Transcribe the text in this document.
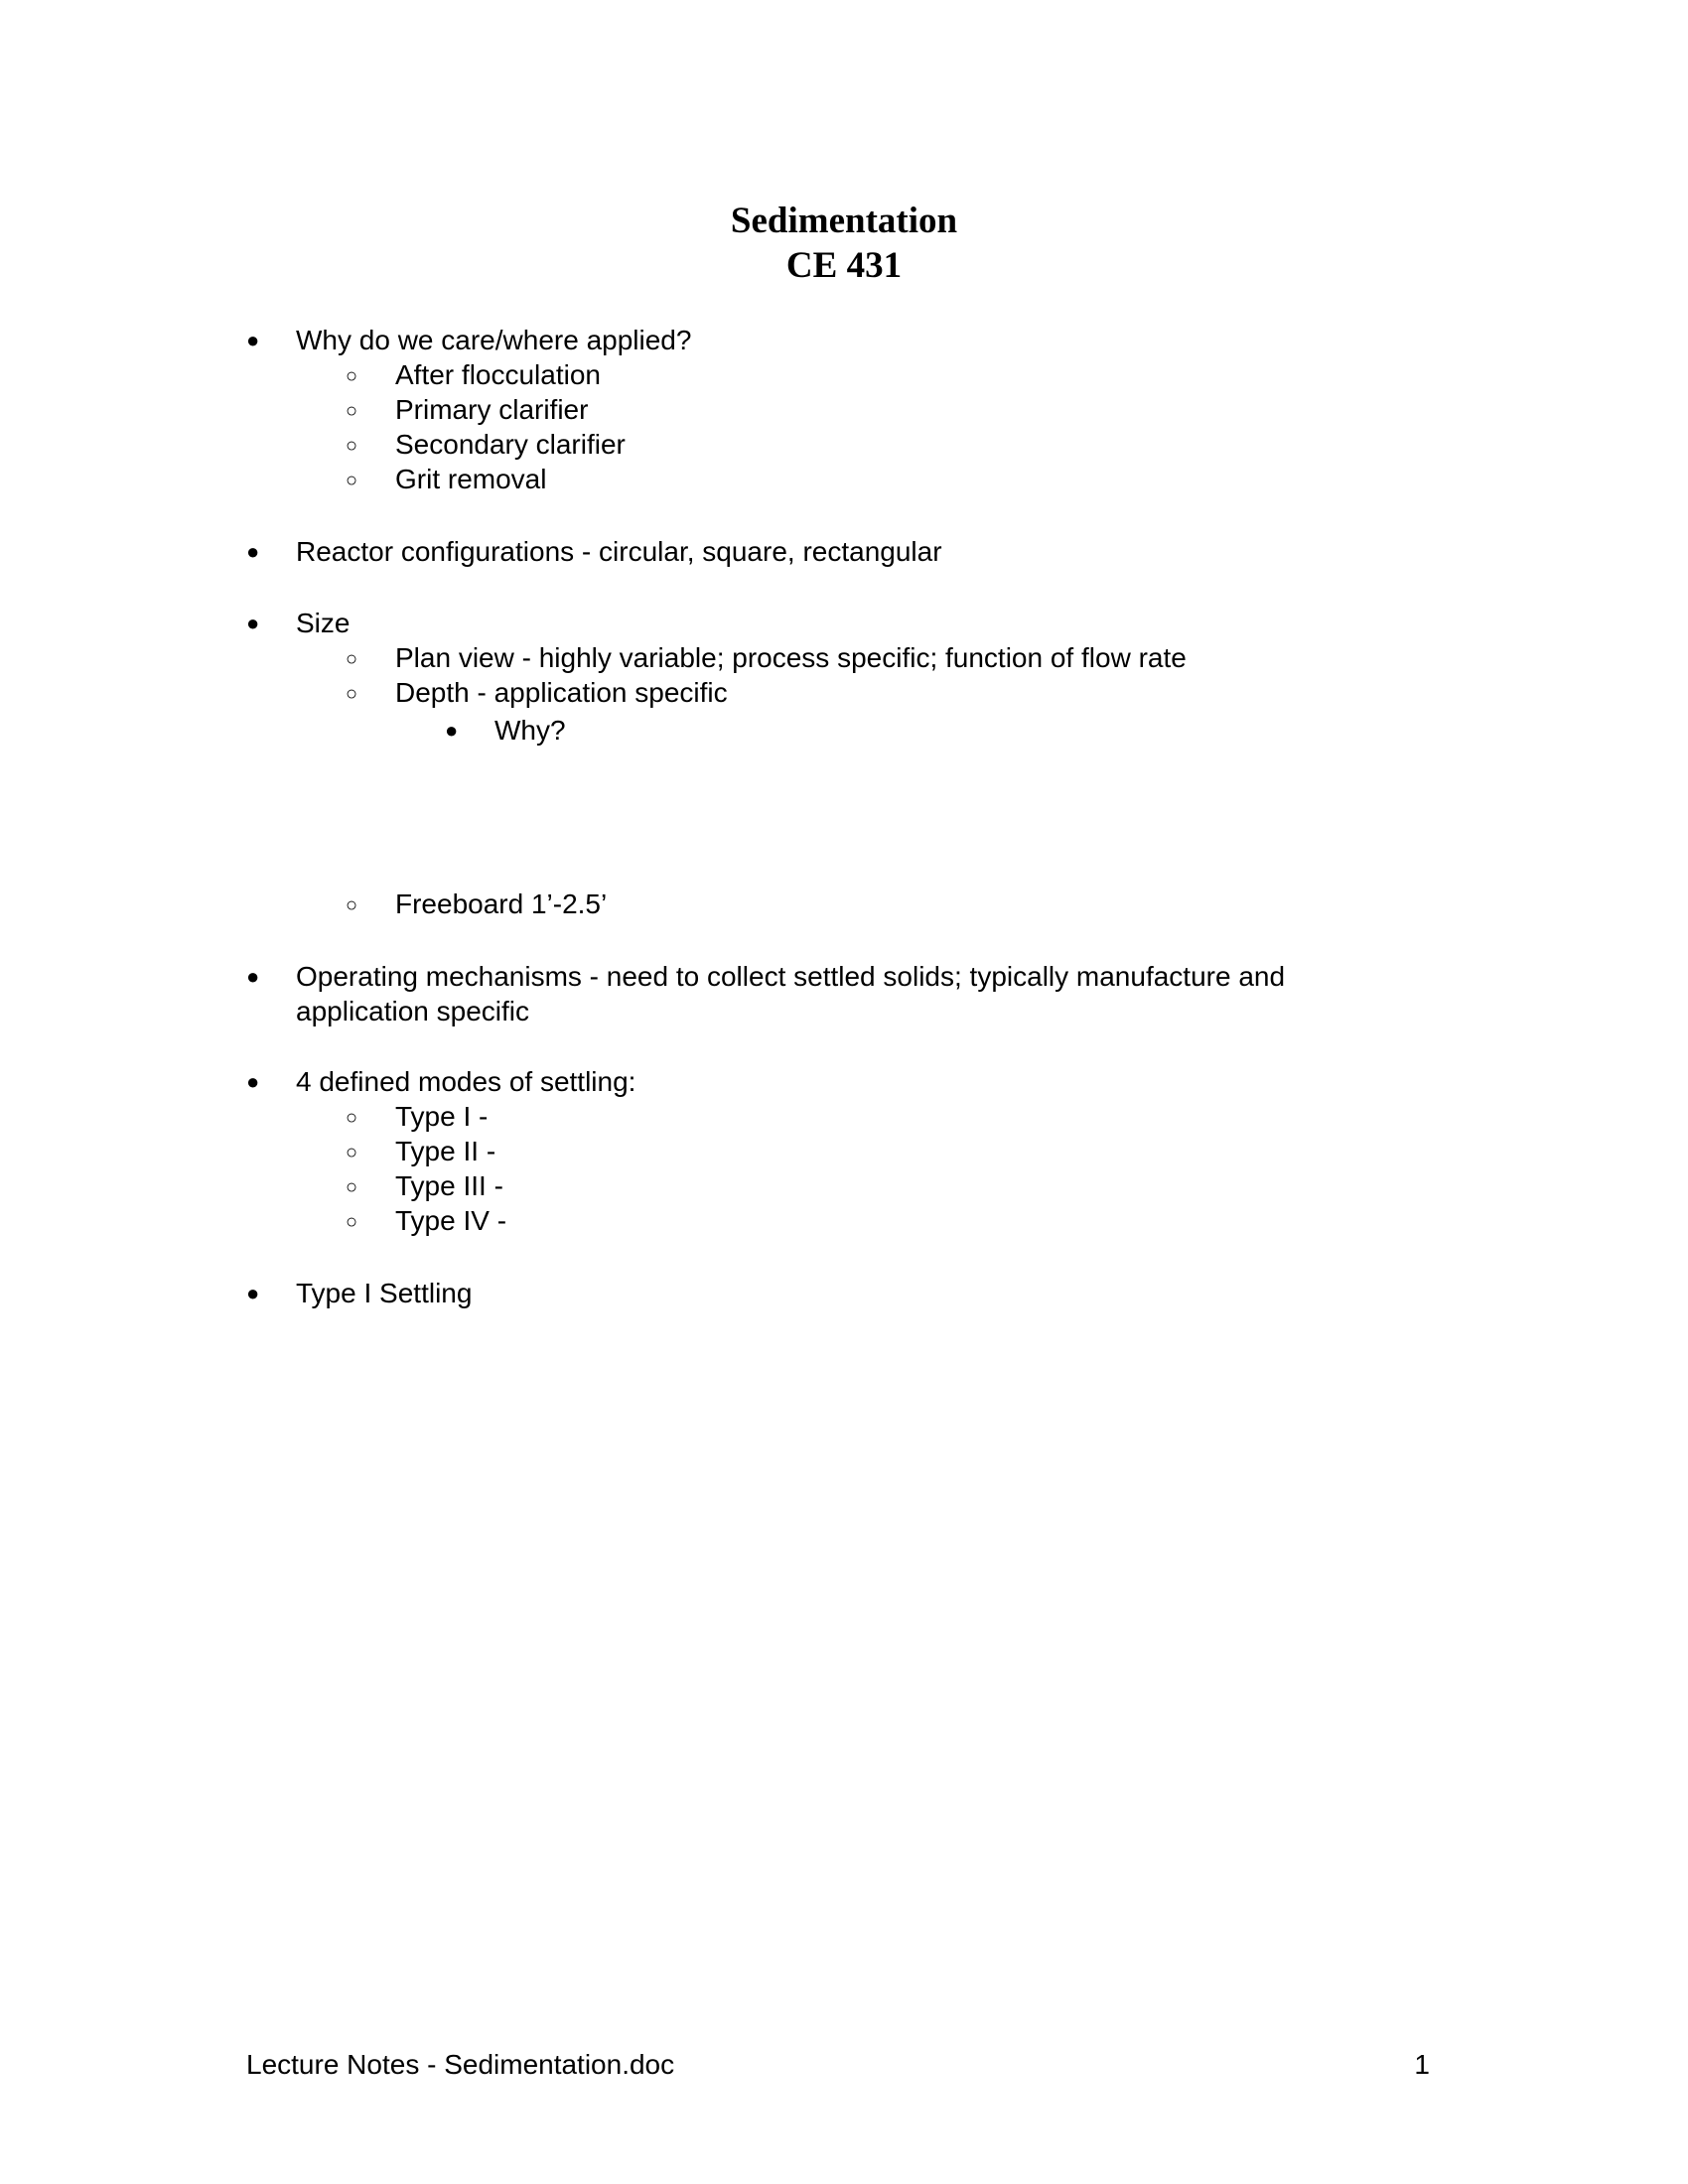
Sedimentation
CE 431
●
Why do we care/where applied?
○
After flocculation
○
Primary clarifier
○
Secondary clarifier
○
Grit removal
●
Reactor configurations - circular, square, rectangular
●
Size
○
Plan view - highly variable; process specific; function of flow rate
○
Depth - application specific
●
Why?
○
Freeboard 1’-2.5’
●
Operating mechanisms - need to collect settled solids; typically manufacture and
application specific
●
4 defined modes of settling:
○
Type I -
○
Type II -
○
Type III -
○
Type IV -
●
Type I Settling
Lecture Notes - Sedimentation.doc	1
